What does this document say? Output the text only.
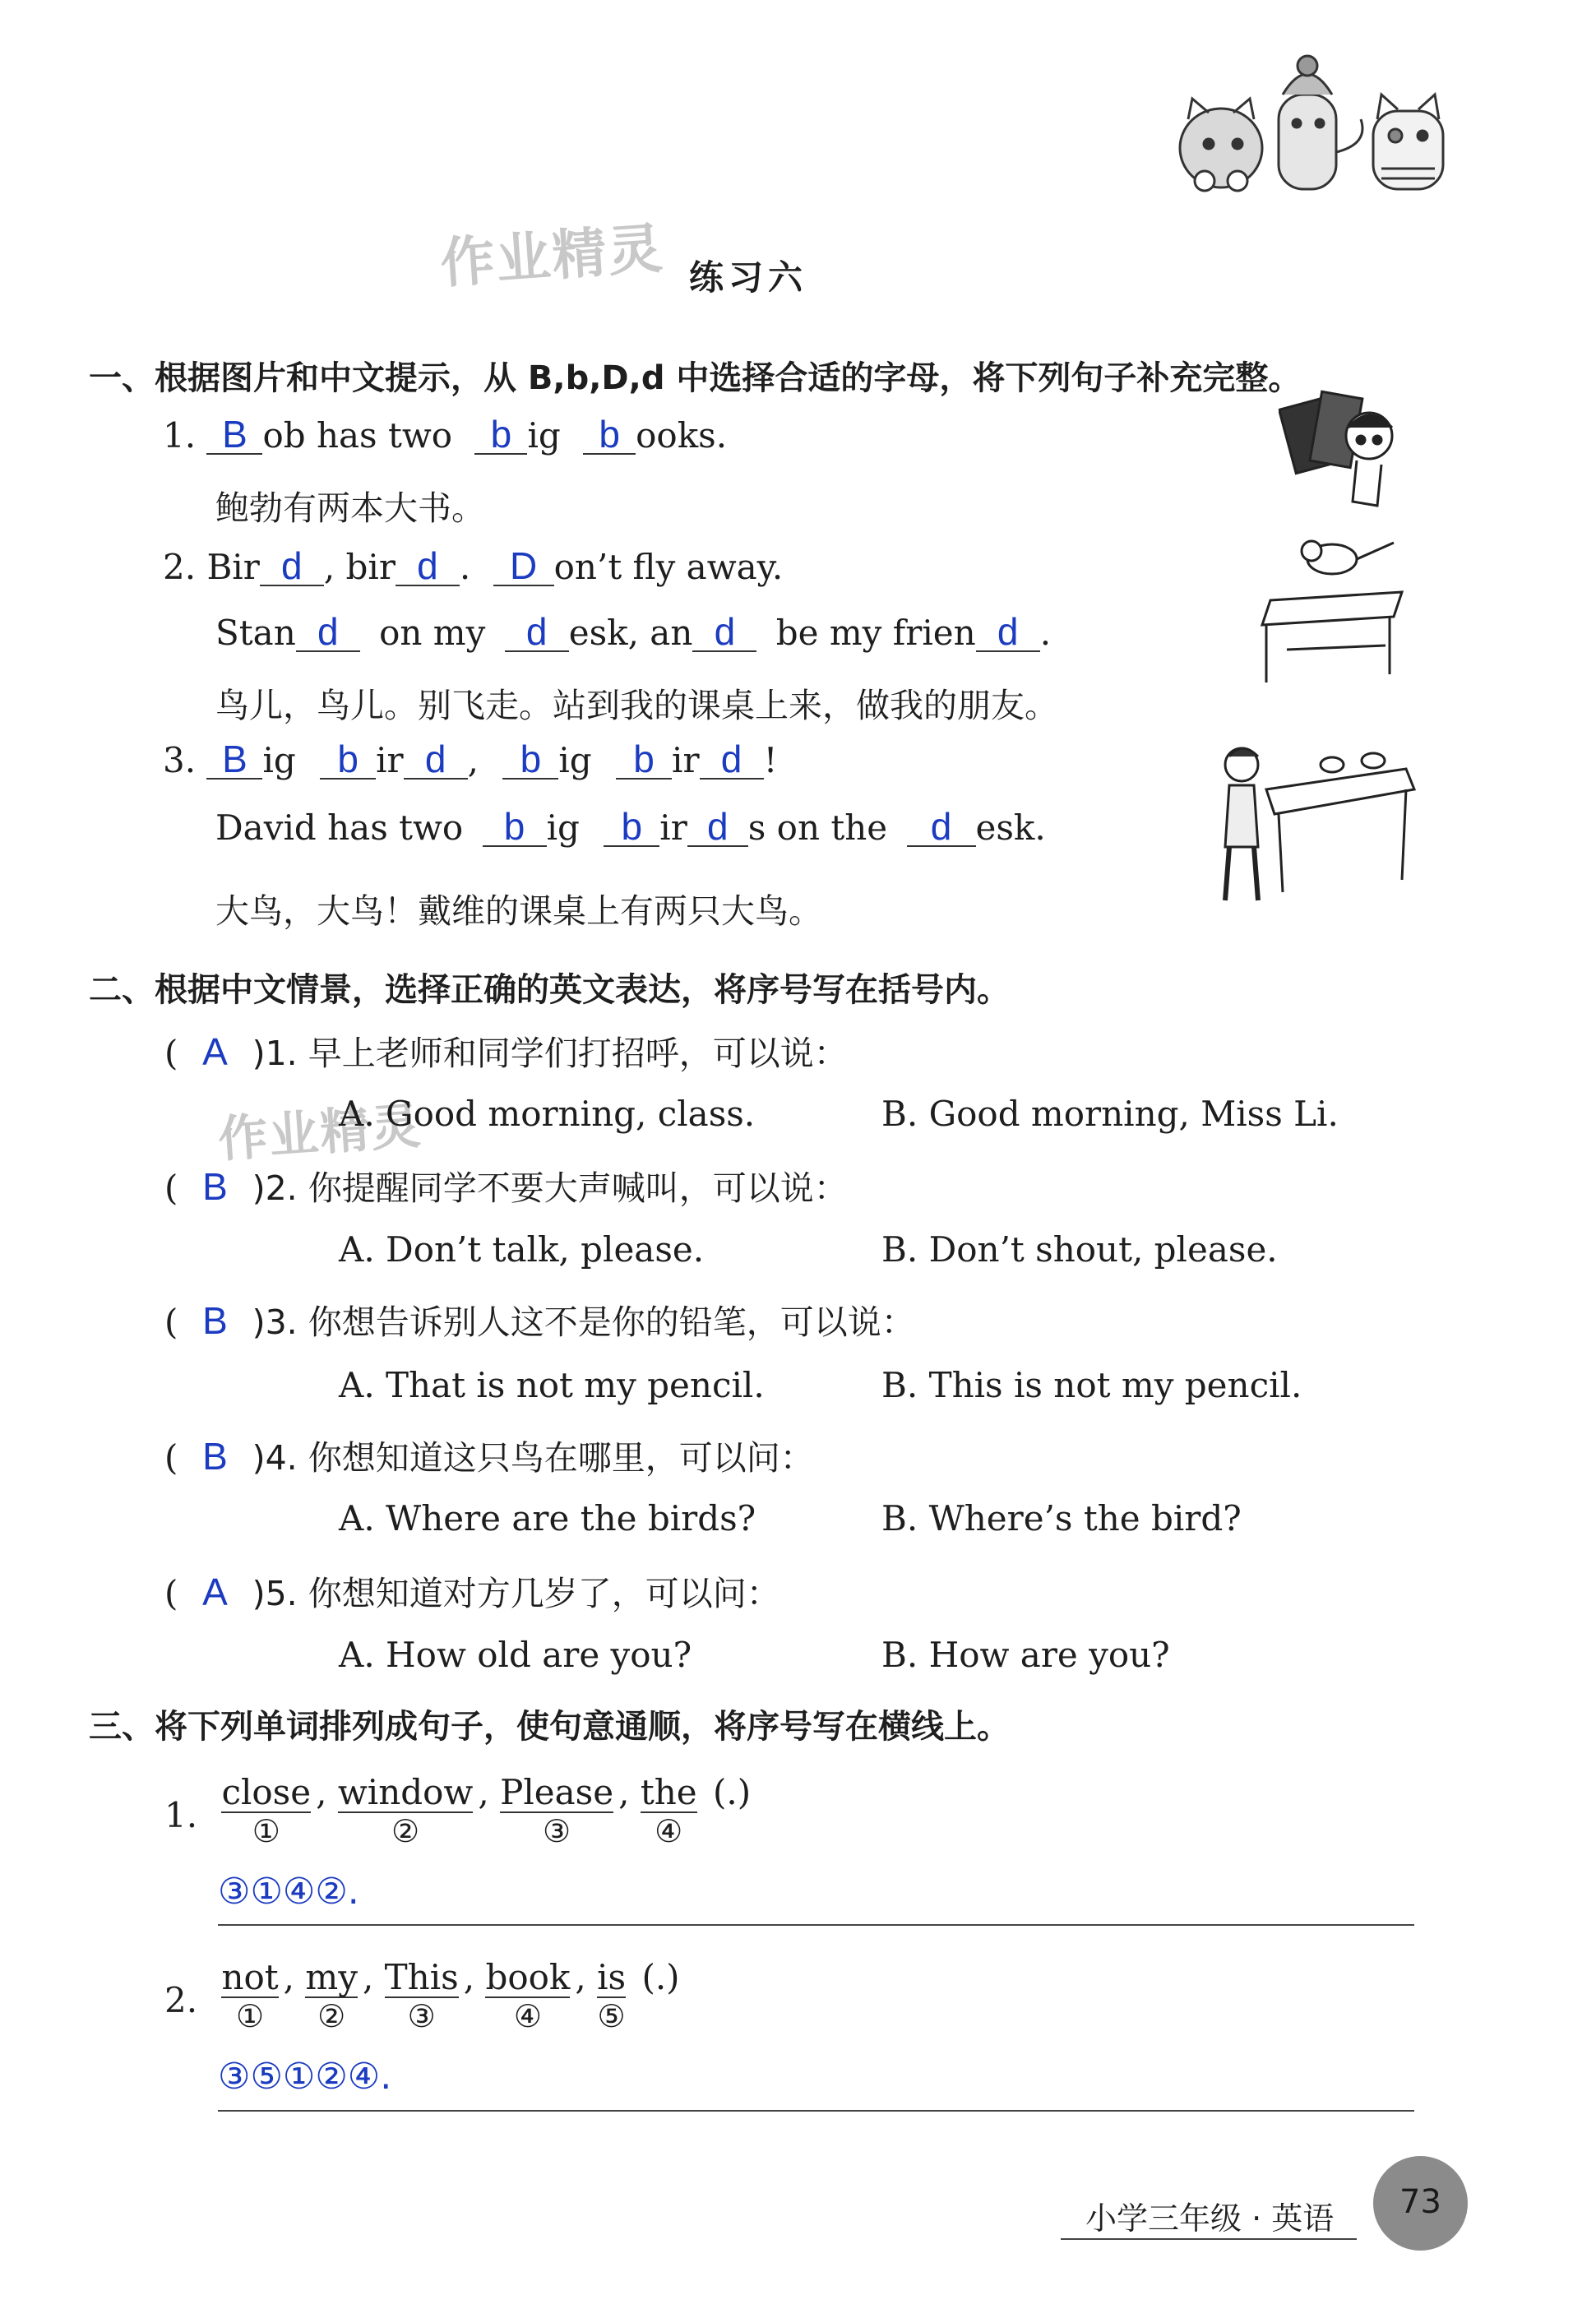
作业精灵
作业精灵
练习六
一、根据图片和中文提示，从 B,b,D,d 中选择合适的字母，将下列句子补充完整。
1. B ob has two b ig b ooks.
鲍勃有两本大书。
2. Bir d , bir d . D on’t fly away.
Stan d on my d esk, an d be my frien d .
鸟儿，鸟儿。别飞走。站到我的课桌上来，做我的朋友。
3. B ig b ir d , b ig b ir d !
David has two b ig b ir d s on the d esk.
大鸟，大鸟！戴维的课桌上有两只大鸟。
二、根据中文情景，选择正确的英文表达，将序号写在括号内。
( A )1. 早上老师和同学们打招呼，可以说：
A. Good morning, class.	B. Good morning, Miss Li.
( B )2. 你提醒同学不要大声喊叫，可以说：
A. Don’t talk, please.	B. Don’t shout, please.
( B )3. 你想告诉别人这不是你的铅笔，可以说：
A. That is not my pencil.	B. This is not my pencil.
( B )4. 你想知道这只鸟在哪里，可以问：
A. Where are the birds?	B. Where’s the bird?
( A )5. 你想知道对方几岁了，可以问：
A. How old are you?	B. How are you?
三、将下列单词排列成句子，使句意通顺，将序号写在横线上。
1. close
①
, window
②
, Please
③
, the
④
(.)
③①④②.
2. not
①
, my
②
, This
③
, book
④
, is
⑤
(.)
③⑤①②④.
小学三年级 · 英语	73
